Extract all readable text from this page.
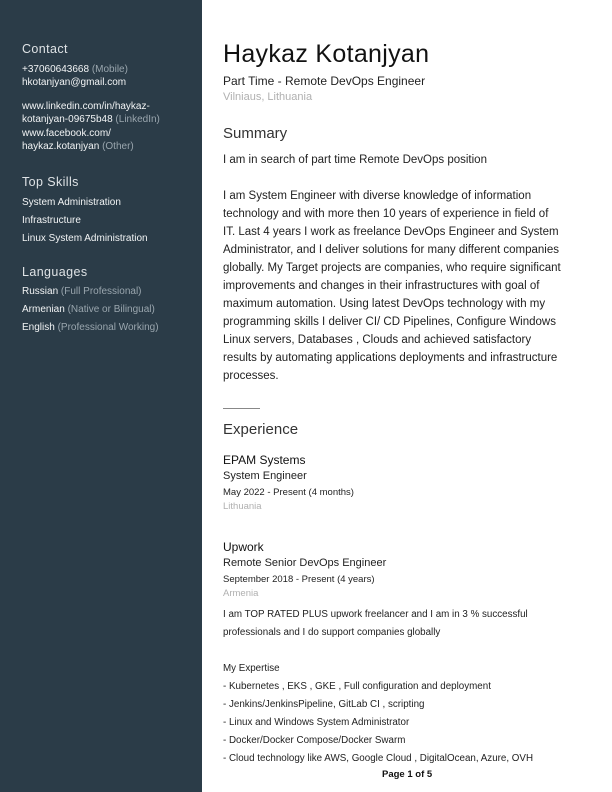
Contact
+37060643668 (Mobile)
hkotanjyan@gmail.com
www.linkedin.com/in/haykaz-
kotanjyan-09675b48 (LinkedIn)
www.facebook.com/
haykaz.kotanjyan (Other)
Top Skills
System Administration
Infrastructure
Linux System Administration
Languages
Russian (Full Professional)
Armenian (Native or Bilingual)
English (Professional Working)
Haykaz Kotanjyan
Part Time - Remote DevOps Engineer
Vilniaus, Lithuania
Summary
I am in search of part time Remote DevOps position
I am System Engineer with diverse knowledge of information
technology and with more then 10 years of experience in field of
IT. Last 4 years I work as freelance DevOps Engineer and System
Administrator, and I deliver solutions for many different companies
globally. My Target projects are companies, who require significant
improvements and changes in their infrastructures with goal of
maximum automation. Using latest DevOps technology with my
programming skills I deliver CI/ CD Pipelines, Configure Windows
Linux servers, Databases , Clouds and achieved satisfactory
results by automating applications deployments and infrastructure
processes.
Experience
EPAM Systems
System Engineer
May 2022 - Present (4 months)
Lithuania
Upwork
Remote Senior DevOps Engineer
September 2018 - Present (4 years)
Armenia
I am TOP RATED PLUS upwork freelancer and I am in 3 % successful
professionals and I do support companies globally
My Expertise
- Kubernetes , EKS , GKE , Full configuration and deployment
- Jenkins/JenkinsPipeline, GitLab CI , scripting
- Linux and Windows System Administrator
- Docker/Docker Compose/Docker Swarm
- Cloud technology like AWS, Google Cloud , DigitalOcean, Azure, OVH
Page 1 of 5
